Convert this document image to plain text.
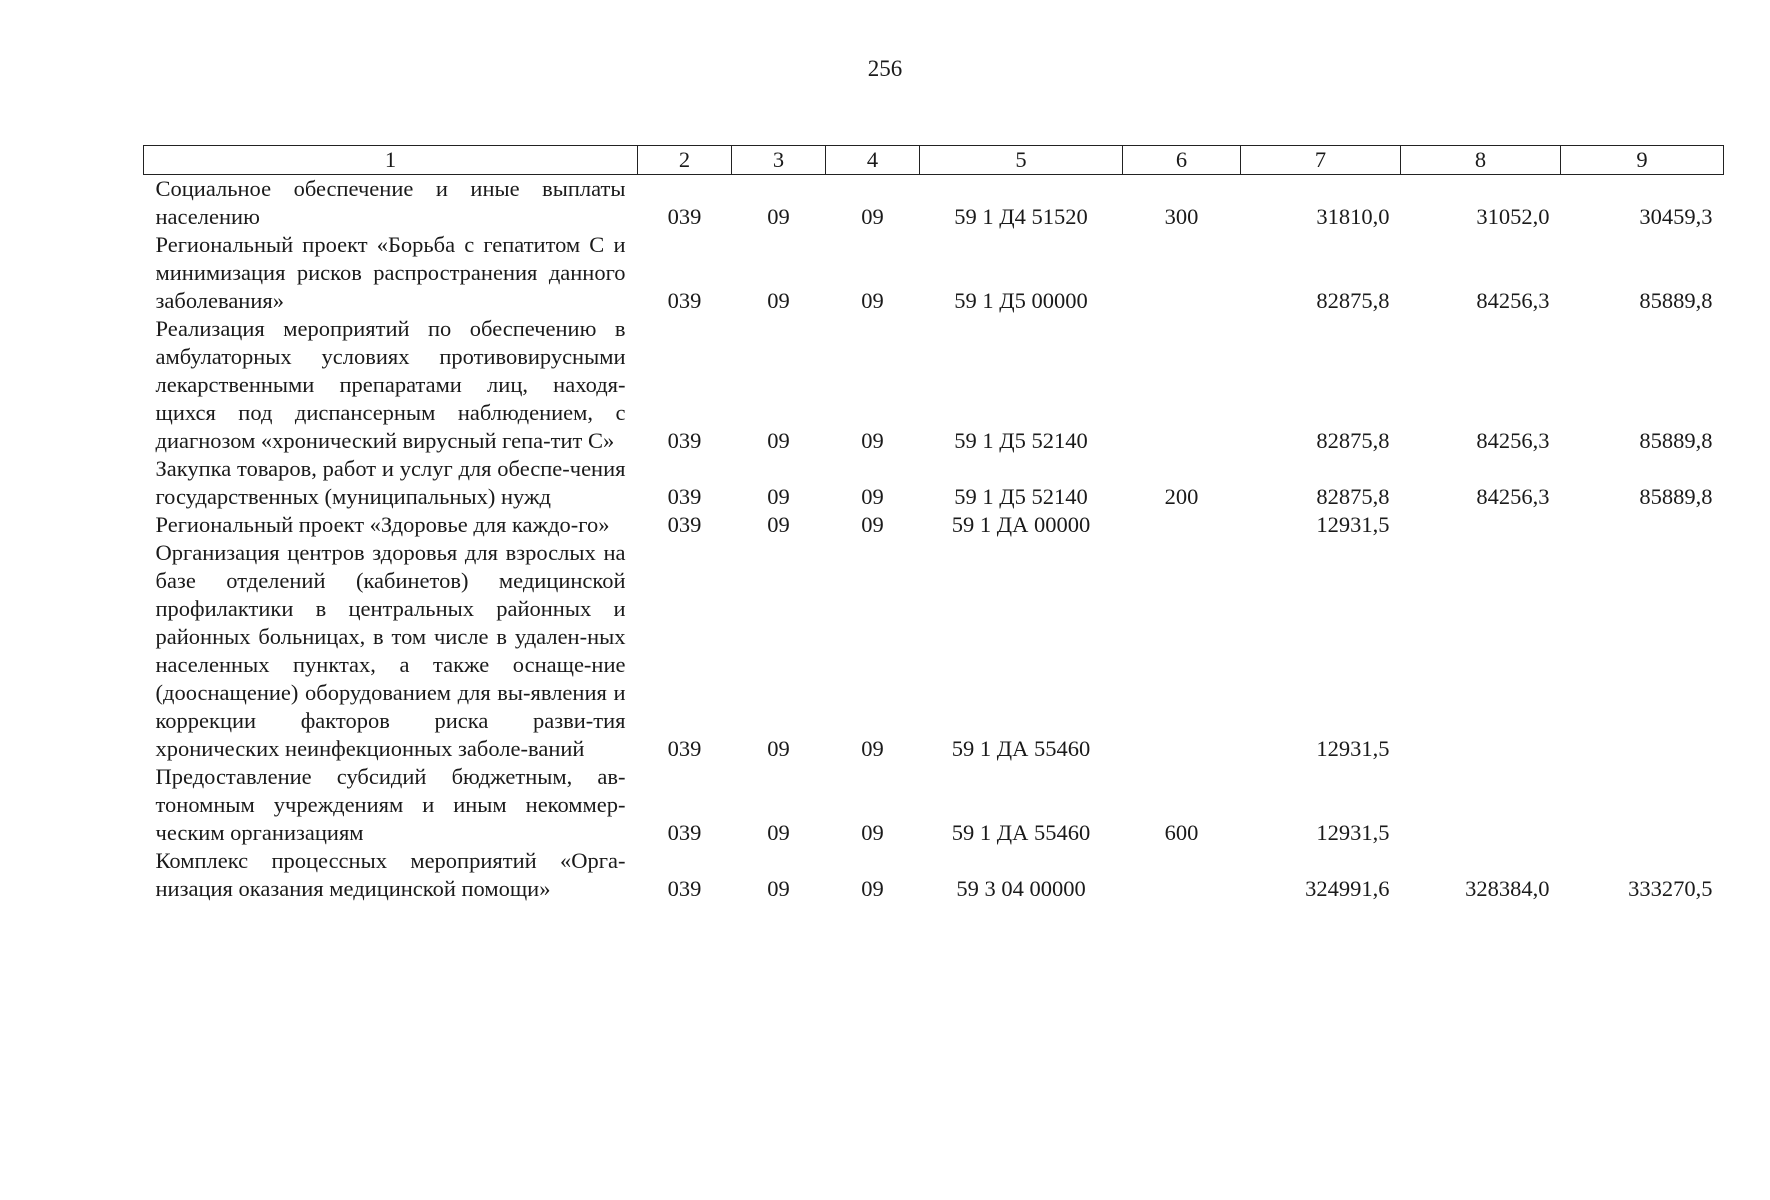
256
1	2	3	4	5	6	7	8	9
Социальное обеспечение и иные выплаты населению	039	09	09	59 1 Д4 51520	300	31810,0	31052,0	30459,3
Региональный проект «Борьба с гепатитом С и минимизация рисков распространения данного заболевания»	039	09	09	59 1 Д5 00000		82875,8	84256,3	85889,8
Реализация мероприятий по обеспечению в амбулаторных условиях противовирусными лекарственными препаратами лиц, находя-щихся под диспансерным наблюдением, с диагнозом «хронический вирусный гепа-тит С»	039	09	09	59 1 Д5 52140		82875,8	84256,3	85889,8
Закупка товаров, работ и услуг для обеспе-чения государственных (муниципальных) нужд	039	09	09	59 1 Д5 52140	200	82875,8	84256,3	85889,8
Региональный проект «Здоровье для каждо-го»	039	09	09	59 1 ДА 00000		12931,5		
Организация центров здоровья для взрослых на базе отделений (кабинетов) медицинской профилактики в центральных районных и районных больницах, в том числе в удален-ных населенных пунктах, а также оснаще-ние (дооснащение) оборудованием для вы-явления и коррекции факторов риска разви-тия хронических неинфекционных заболе-ваний	039	09	09	59 1 ДА 55460		12931,5		
Предоставление субсидий бюджетным, ав-тономным учреждениям и иным некоммер-ческим организациям	039	09	09	59 1 ДА 55460	600	12931,5		
Комплекс процессных мероприятий «Орга-низация оказания медицинской помощи»	039	09	09	59 3 04 00000		324991,6	328384,0	333270,5
